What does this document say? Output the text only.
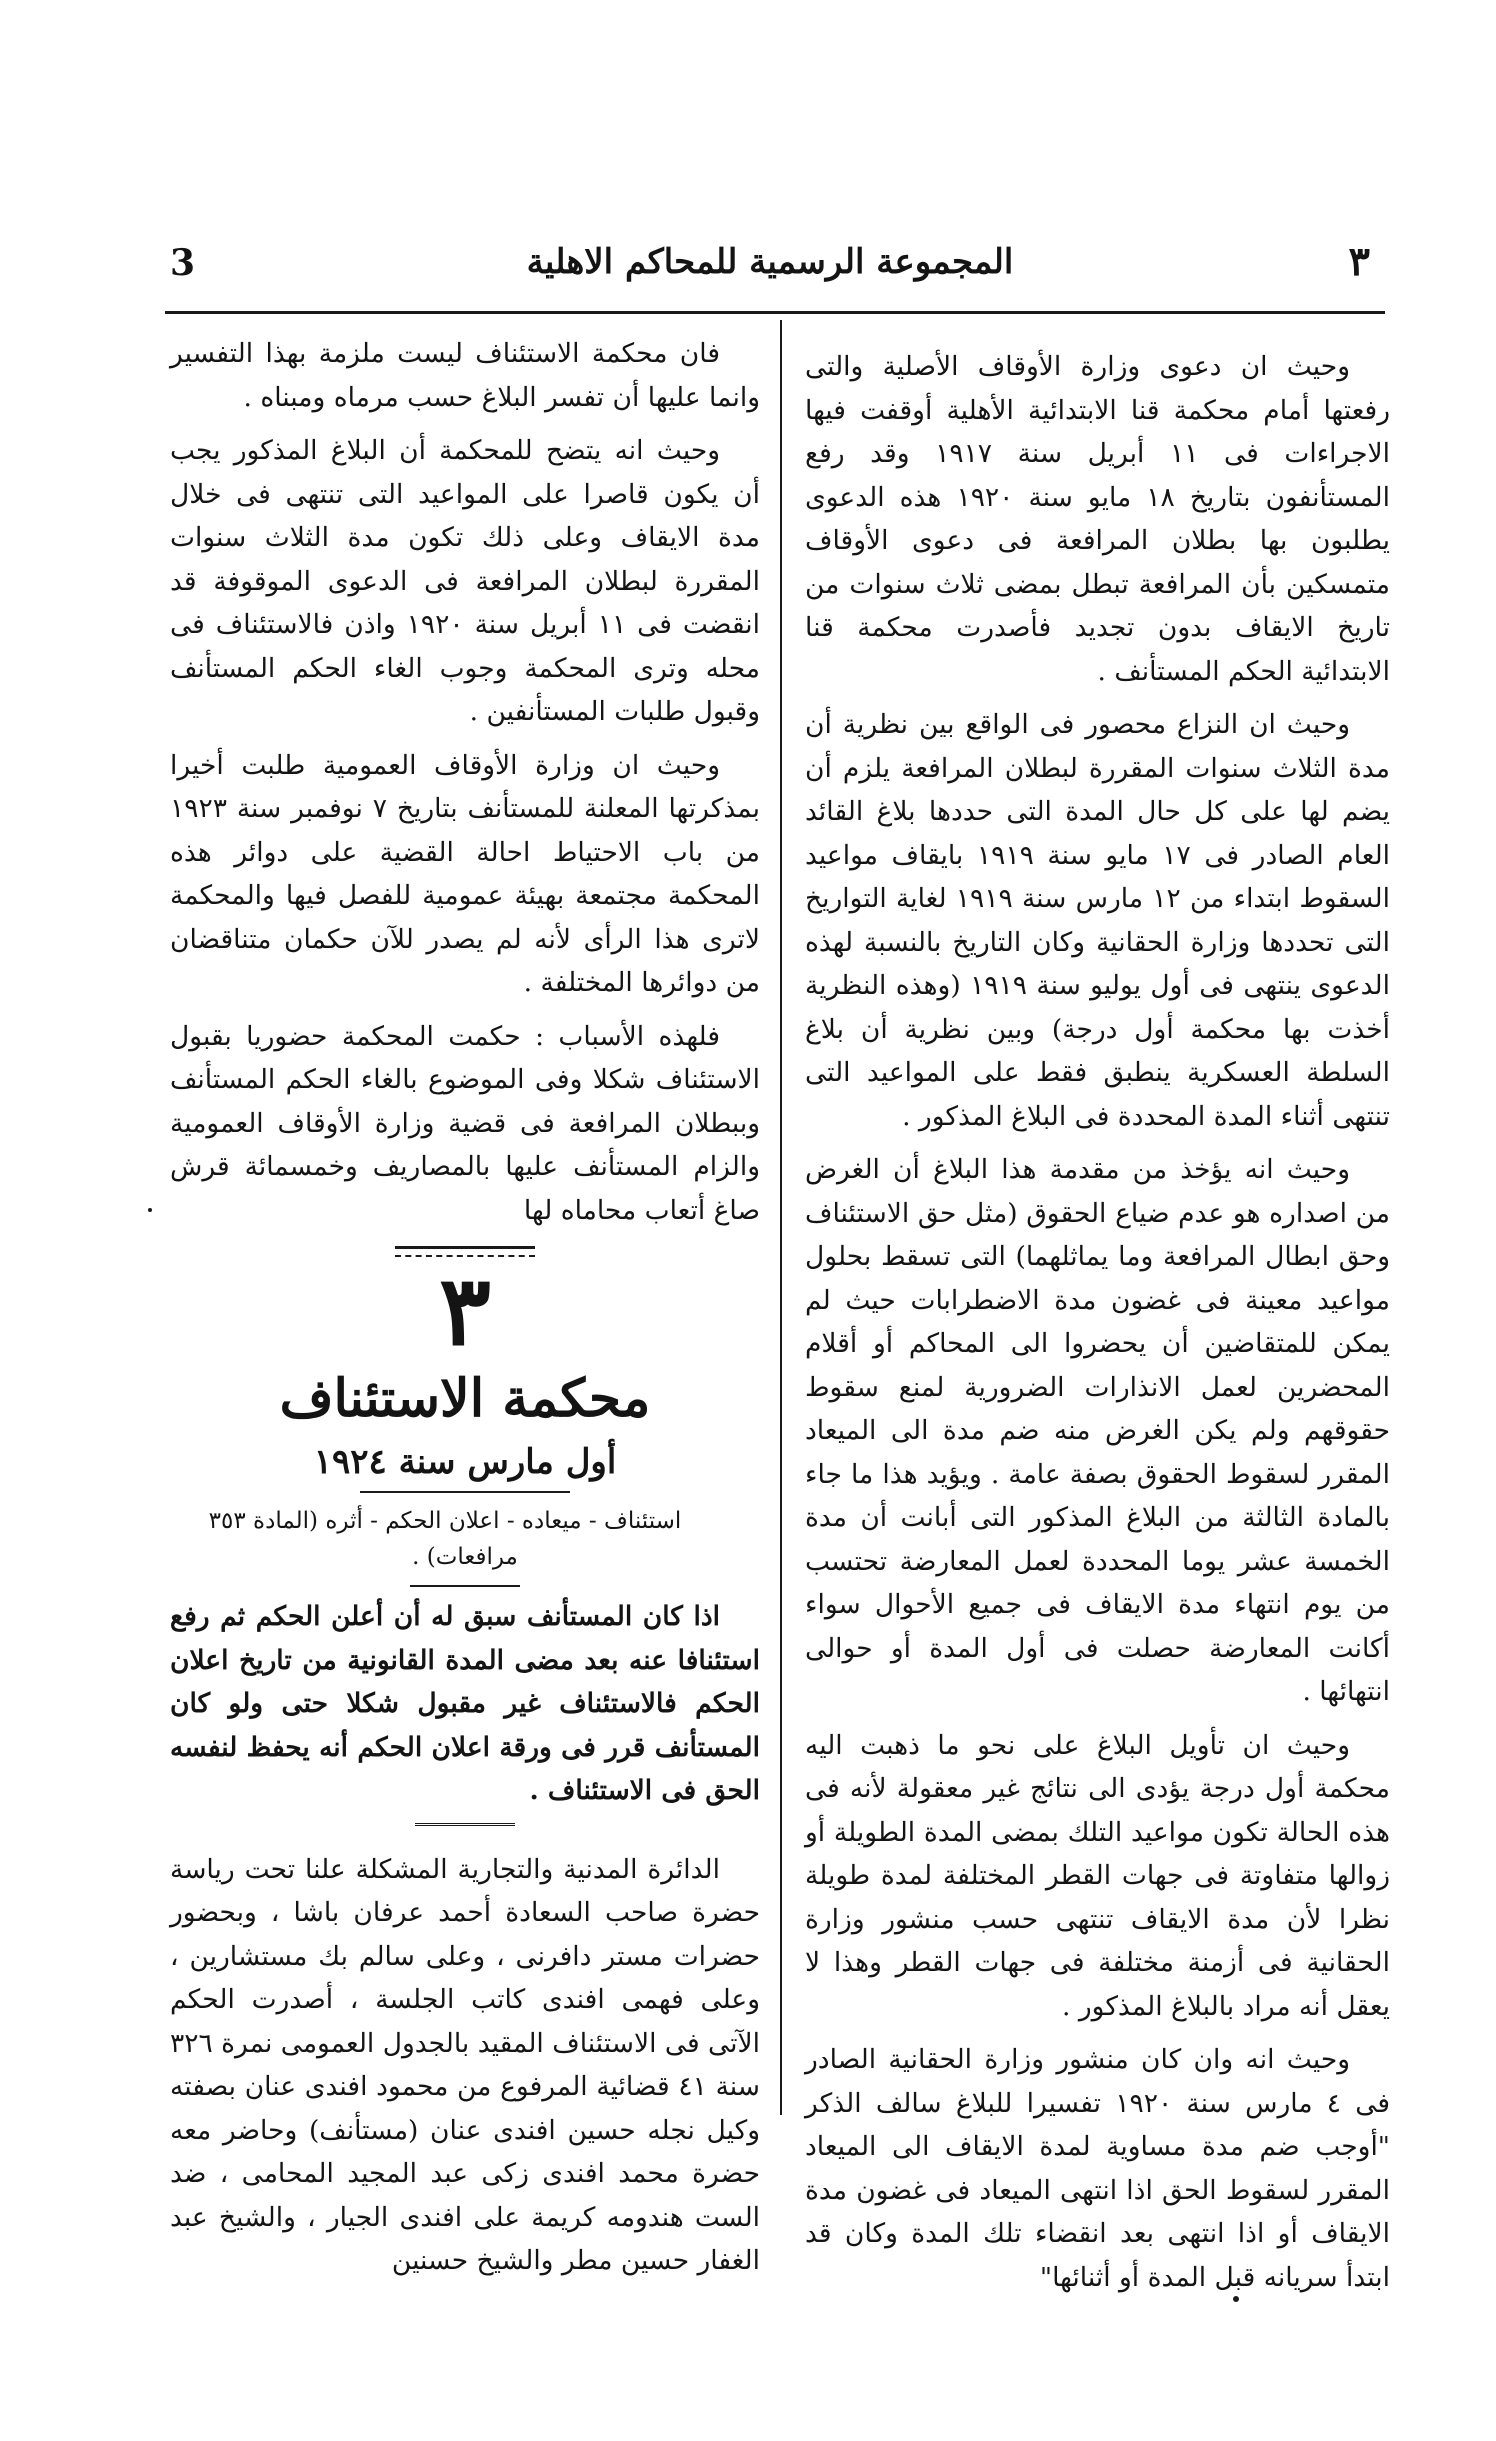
٣
المجموعة الرسمية للمحاكم الاهلية
3

وحيث ان دعوى وزارة الأوقاف الأصلية والتى رفعتها أمام محكمة قنا الابتدائية الأهلية أوقفت فيها الاجراءات فى ١١ أبريل سنة ١٩١٧ وقد رفع المستأنفون بتاريخ ١٨ مايو سنة ١٩٢٠ هذه الدعوى يطلبون بها بطلان المرافعة فى دعوى الأوقاف متمسكين بأن المرافعة تبطل بمضى ثلاث سنوات من تاريخ الايقاف بدون تجديد فأصدرت محكمة قنا الابتدائية الحكم المستأنف .

وحيث ان النزاع محصور فى الواقع بين نظرية أن مدة الثلاث سنوات المقررة لبطلان المرافعة يلزم أن يضم لها على كل حال المدة التى حددها بلاغ القائد العام الصادر فى ١٧ مايو سنة ١٩١٩ بايقاف مواعيد السقوط ابتداء من ١٢ مارس سنة ١٩١٩ لغاية التواريخ التى تحددها وزارة الحقانية وكان التاريخ بالنسبة لهذه الدعوى ينتهى فى أول يوليو سنة ١٩١٩ (وهذه النظرية أخذت بها محكمة أول درجة) وبين نظرية أن بلاغ السلطة العسكرية ينطبق فقط على المواعيد التى تنتهى أثناء المدة المحددة فى البلاغ المذكور .

وحيث انه يؤخذ من مقدمة هذا البلاغ أن الغرض من اصداره هو عدم ضياع الحقوق (مثل حق الاستئناف وحق ابطال المرافعة وما يماثلهما) التى تسقط بحلول مواعيد معينة فى غضون مدة الاضطرابات حيث لم يمكن للمتقاضين أن يحضروا الى المحاكم أو أقلام المحضرين لعمل الانذارات الضرورية لمنع سقوط حقوقهم ولم يكن الغرض منه ضم مدة الى الميعاد المقرر لسقوط الحقوق بصفة عامة . ويؤيد هذا ما جاء بالمادة الثالثة من البلاغ المذكور التى أبانت أن مدة الخمسة عشر يوما المحددة لعمل المعارضة تحتسب من يوم انتهاء مدة الايقاف فى جميع الأحوال سواء أكانت المعارضة حصلت فى أول المدة أو حوالى انتهائها .

وحيث ان تأويل البلاغ على نحو ما ذهبت اليه محكمة أول درجة يؤدى الى نتائج غير معقولة لأنه فى هذه الحالة تكون مواعيد التلك بمضى المدة الطويلة أو زوالها متفاوتة فى جهات القطر المختلفة لمدة طويلة نظرا لأن مدة الايقاف تنتهى حسب منشور وزارة الحقانية فى أزمنة مختلفة فى جهات القطر وهذا لا يعقل أنه مراد بالبلاغ المذكور .

وحيث انه وان كان منشور وزارة الحقانية الصادر فى ٤ مارس سنة ١٩٢٠ تفسيرا للبلاغ سالف الذكر "أوجب ضم مدة مساوية لمدة الايقاف الى الميعاد المقرر لسقوط الحق اذا انتهى الميعاد فى غضون مدة الايقاف أو اذا انتهى بعد انقضاء تلك المدة وكان قد ابتدأ سريانه قبل المدة أو أثنائها"

فان محكمة الاستئناف ليست ملزمة بهذا التفسير وانما عليها أن تفسر البلاغ حسب مرماه ومبناه .

وحيث انه يتضح للمحكمة أن البلاغ المذكور يجب أن يكون قاصرا على المواعيد التى تنتهى فى خلال مدة الايقاف وعلى ذلك تكون مدة الثلاث سنوات المقررة لبطلان المرافعة فى الدعوى الموقوفة قد انقضت فى ١١ أبريل سنة ١٩٢٠ واذن فالاستئناف فى محله وترى المحكمة وجوب الغاء الحكم المستأنف وقبول طلبات المستأنفين .

وحيث ان وزارة الأوقاف العمومية طلبت أخيرا بمذكرتها المعلنة للمستأنف بتاريخ ٧ نوفمبر سنة ١٩٢٣ من باب الاحتياط احالة القضية على دوائر هذه المحكمة مجتمعة بهيئة عمومية للفصل فيها والمحكمة لاترى هذا الرأى لأنه لم يصدر للآن حكمان متناقضان من دوائرها المختلفة .

فلهذه الأسباب : حكمت المحكمة حضوريا بقبول الاستئناف شكلا وفى الموضوع بالغاء الحكم المستأنف وببطلان المرافعة فى قضية وزارة الأوقاف العمومية والزام المستأنف عليها بالمصاريف وخمسمائة قرش صاغ أتعاب محاماه لها

٣
محكمة الاستئناف
أول مارس سنة ١٩٢٤

استئناف - ميعاده - اعلان الحكم - أثره (المادة ٣٥٣ مرافعات) .

اذا كان المستأنف سبق له أن أعلن الحكم ثم رفع استئنافا عنه بعد مضى المدة القانونية من تاريخ اعلان الحكم فالاستئناف غير مقبول شكلا حتى ولو كان المستأنف قرر فى ورقة اعلان الحكم أنه يحفظ لنفسه الحق فى الاستئناف .

الدائرة المدنية والتجارية المشكلة علنا تحت رياسة حضرة صاحب السعادة أحمد عرفان باشا ، وبحضور حضرات مستر دافرنى ، وعلى سالم بك مستشارين ، وعلى فهمى افندى كاتب الجلسة ، أصدرت الحكم الآتى فى الاستئناف المقيد بالجدول العمومى نمرة ٣٢٦ سنة ٤١ قضائية المرفوع من محمود افندى عنان بصفته وكيل نجله حسين افندى عنان (مستأنف) وحاضر معه حضرة محمد افندى زكى عبد المجيد المحامى ، ضد الست هندومه كريمة على افندى الجيار ، والشيخ عبد الغفار حسين مطر والشيخ حسنين
